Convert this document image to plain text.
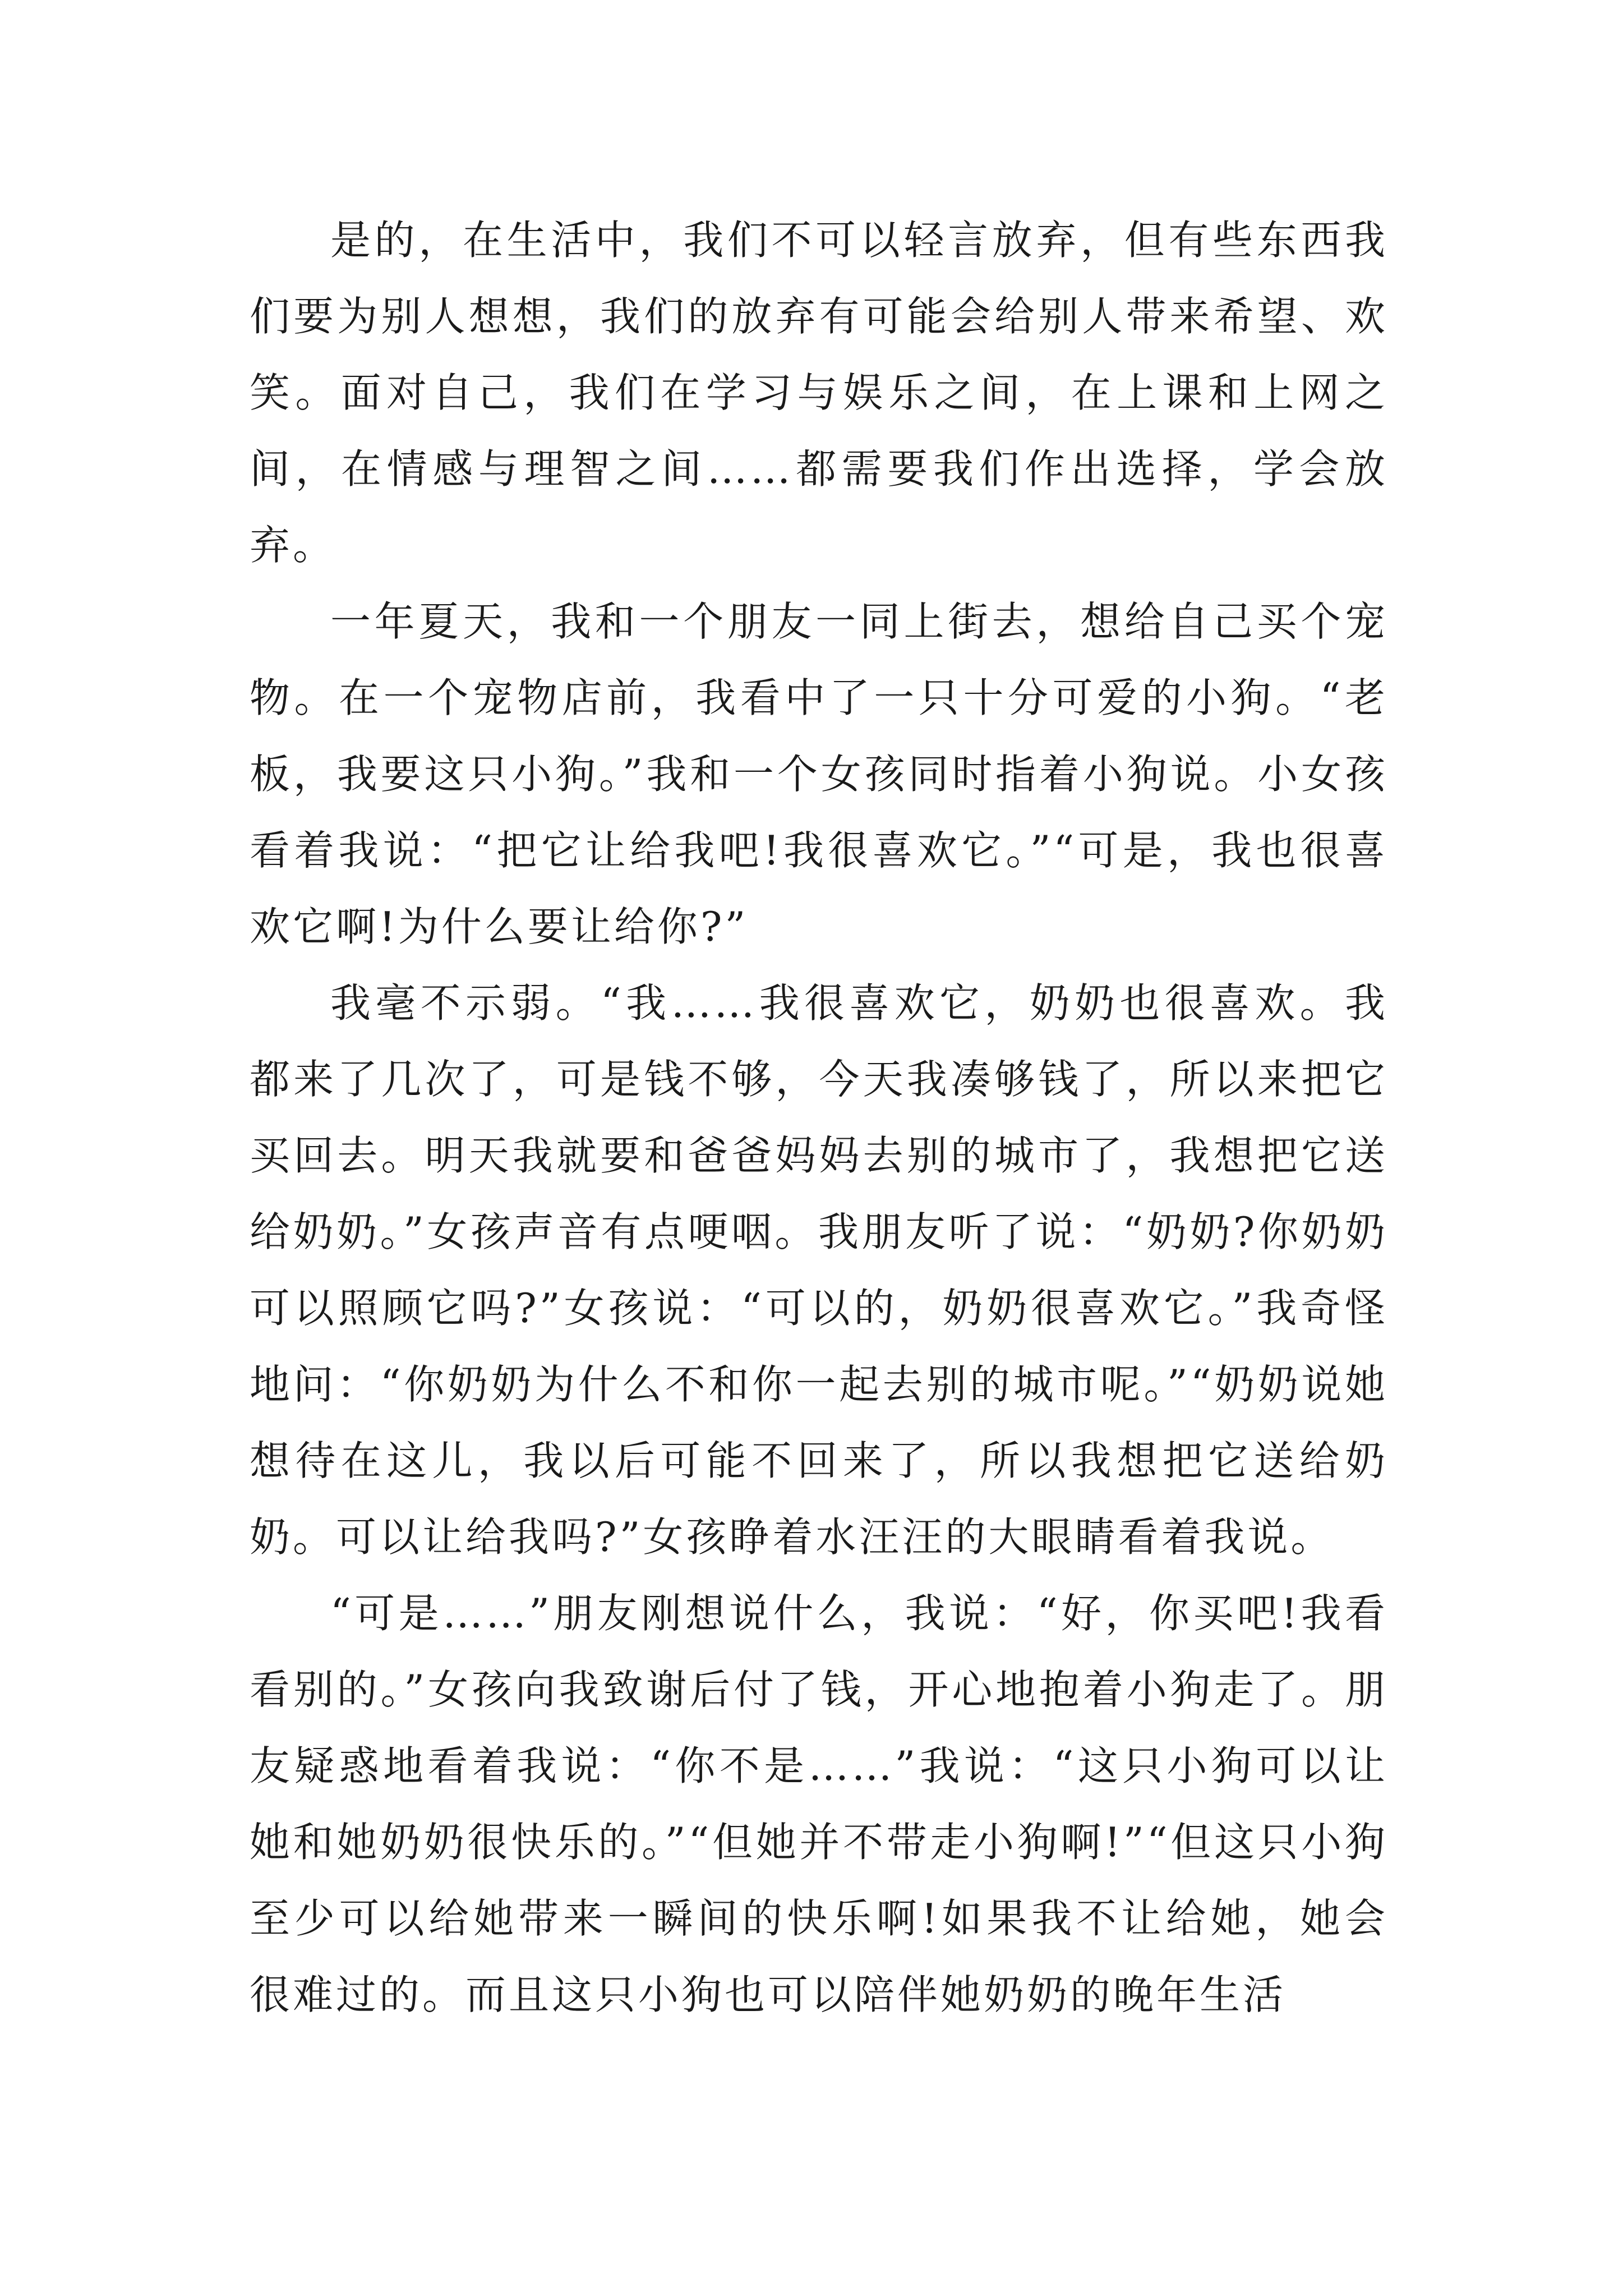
是的，在生活中，我们不可以轻言放弃，但有些东西我们要为别人想想，我们的放弃有可能会给别人带来希望、欢笑。面对自己，我们在学习与娱乐之间，在上课和上网之间，在情感与理智之间……都需要我们作出选择，学会放弃。

一年夏天，我和一个朋友一同上街去，想给自己买个宠物。在一个宠物店前，我看中了一只十分可爱的小狗。“老板，我要这只小狗。”我和一个女孩同时指着小狗说。小女孩看着我说：“把它让给我吧!我很喜欢它。”“可是，我也很喜欢它啊!为什么要让给你?”

我毫不示弱。“我……我很喜欢它，奶奶也很喜欢。我都来了几次了，可是钱不够，今天我凑够钱了，所以来把它买回去。明天我就要和爸爸妈妈去别的城市了，我想把它送给奶奶。”女孩声音有点哽咽。我朋友听了说：“奶奶?你奶奶可以照顾它吗?”女孩说：“可以的，奶奶很喜欢它。”我奇怪地问：“你奶奶为什么不和你一起去别的城市呢。”“奶奶说她想待在这儿，我以后可能不回来了，所以我想把它送给奶奶。可以让给我吗?”女孩睁着水汪汪的大眼睛看着我说。

“可是……”朋友刚想说什么，我说：“好，你买吧!我看看别的。”女孩向我致谢后付了钱，开心地抱着小狗走了。朋友疑惑地看着我说：“你不是……”我说：“这只小狗可以让她和她奶奶很快乐的。”“但她并不带走小狗啊!”“但这只小狗至少可以给她带来一瞬间的快乐啊!如果我不让给她，她会很难过的。而且这只小狗也可以陪伴她奶奶的晚年生活
